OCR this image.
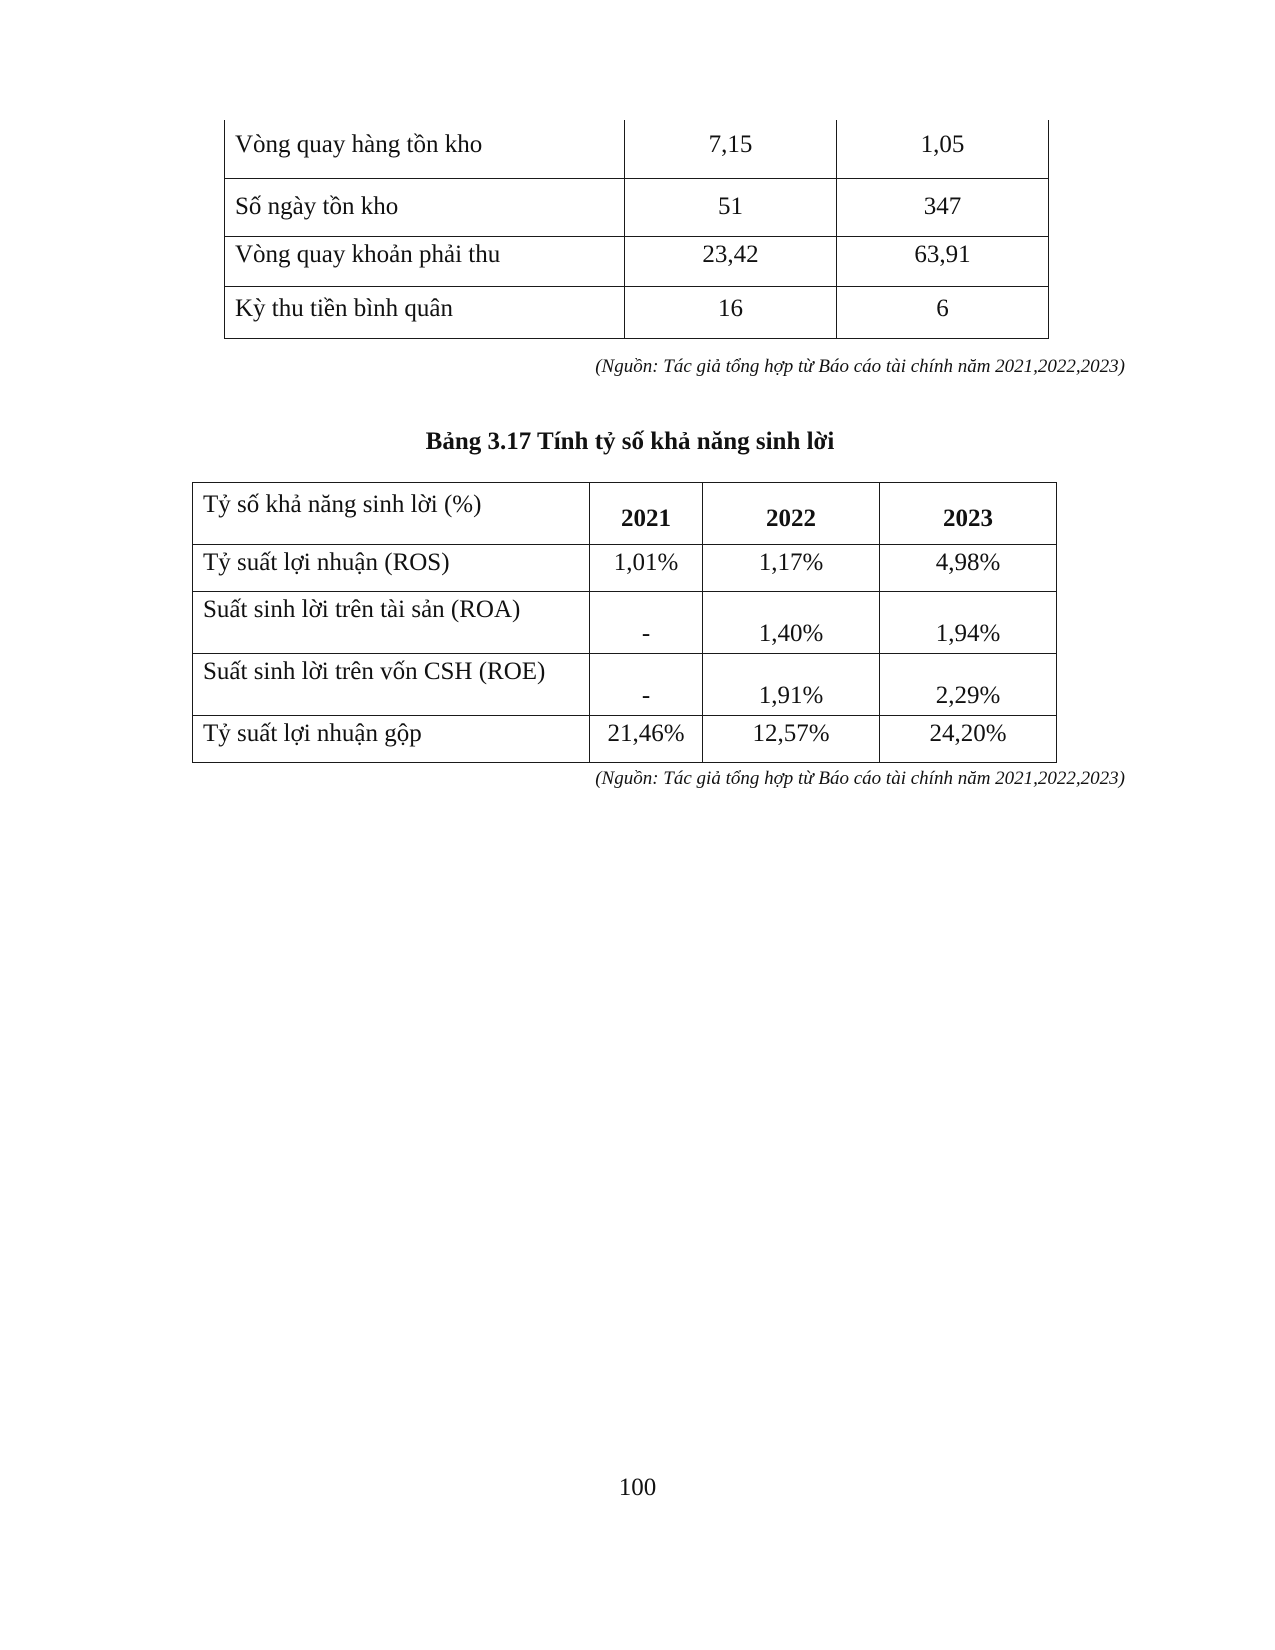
Vòng quay hàng tồn kho	7,15	1,05
Số ngày tồn kho	51	347
Vòng quay khoản phải thu	23,42	63,91
Kỳ thu tiền bình quân	16	6
(Nguồn: Tác giả tổng hợp từ Báo cáo tài chính năm 2021,2022,2023)
Bảng 3.17 Tính tỷ số khả năng sinh lời
Tỷ số khả năng sinh lời (%)	2021	2022	2023
Tỷ suất lợi nhuận (ROS)	1,01%	1,17%	4,98%
Suất sinh lời trên tài sản (ROA)	-	1,40%	1,94%
Suất sinh lời trên vốn CSH (ROE)	-	1,91%	2,29%
Tỷ suất lợi nhuận gộp	21,46%	12,57%	24,20%
(Nguồn: Tác giả tổng hợp từ Báo cáo tài chính năm 2021,2022,2023)
100
